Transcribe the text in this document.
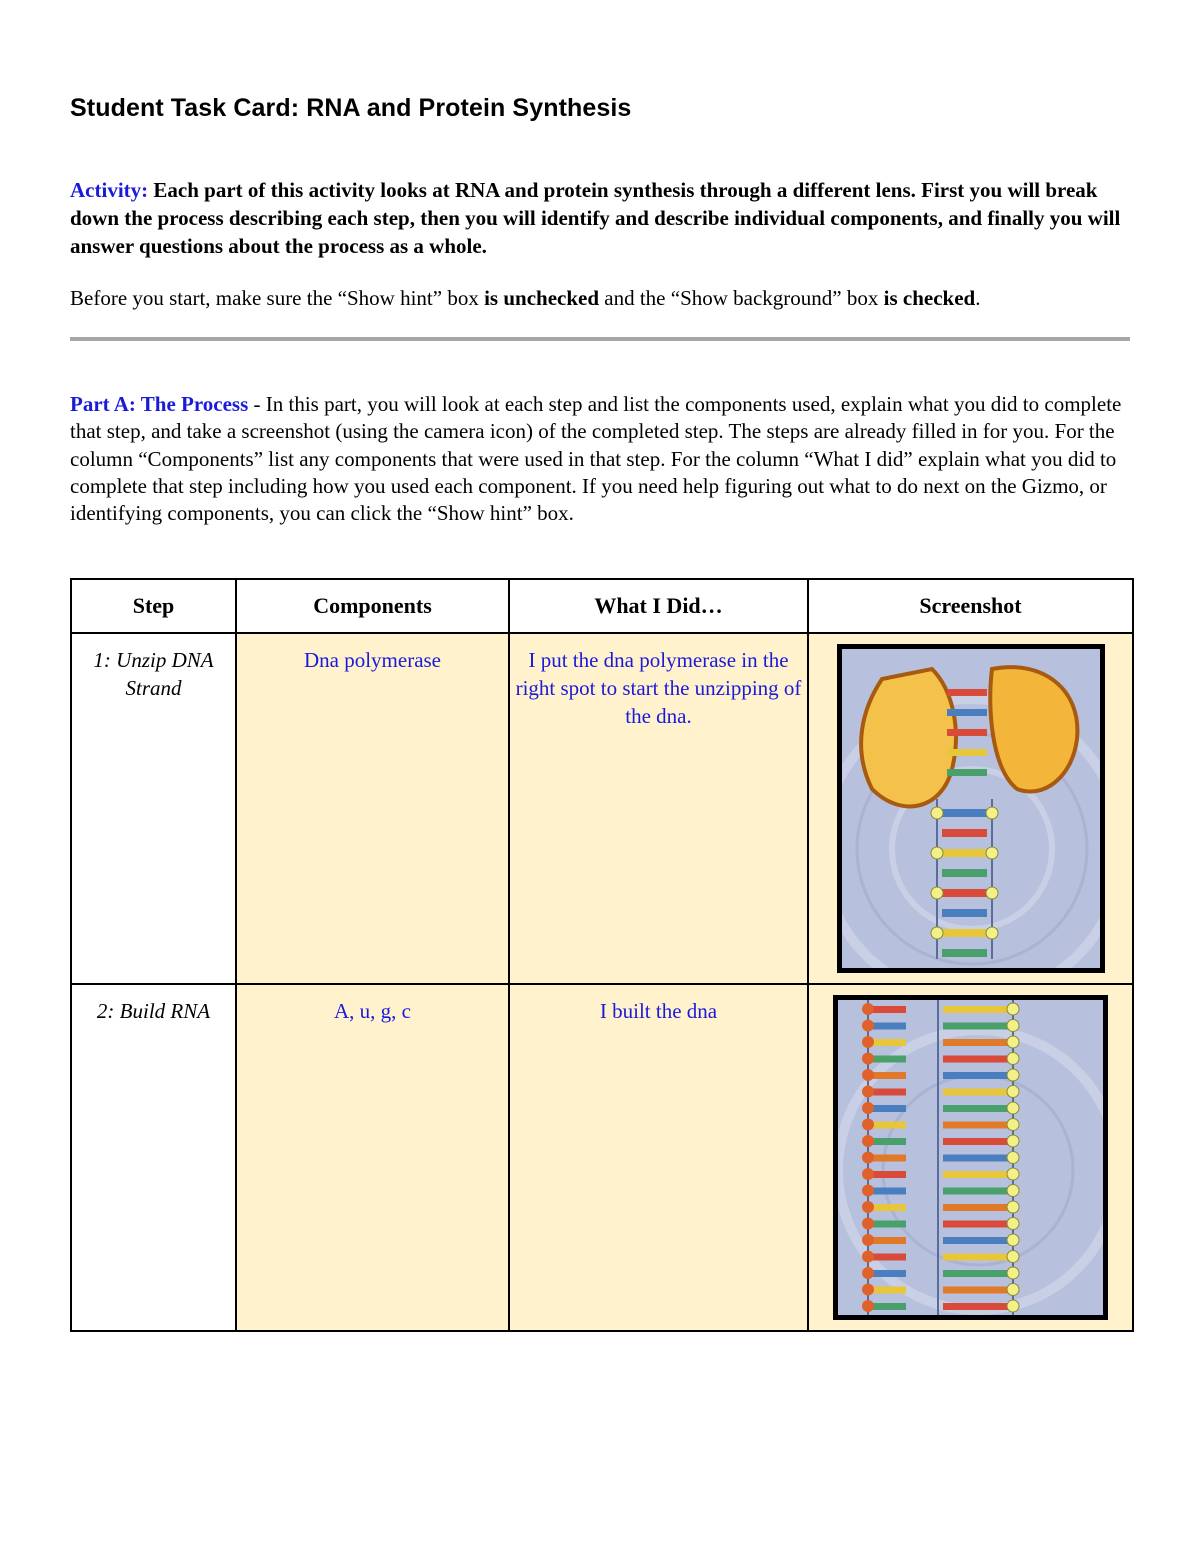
Student Task Card: RNA and Protein Synthesis
Activity: Each part of this activity looks at RNA and protein synthesis through a different lens. First you will break down the process describing each step, then you will identify and describe individual components, and finally you will answer questions about the process as a whole.
Before you start, make sure the “Show hint” box is unchecked and the “Show background” box is checked.
Part A: The Process - In this part, you will look at each step and list the components used, explain what you did to complete that step, and take a screenshot (using the camera icon) of the completed step. The steps are already filled in for you. For the column “Components” list any components that were used in that step. For the column “What I did” explain what you did to complete that step including how you used each component. If you need help figuring out what to do next on the Gizmo, or identifying components, you can click the “Show hint” box.
Step	Components	What I Did…	Screenshot
1: Unzip DNA Strand	Dna polymerase	I put the dna polymerase in the right spot to start the unzipping of the dna.	

2: Build RNA	A, u, g, c	I built the dna	
